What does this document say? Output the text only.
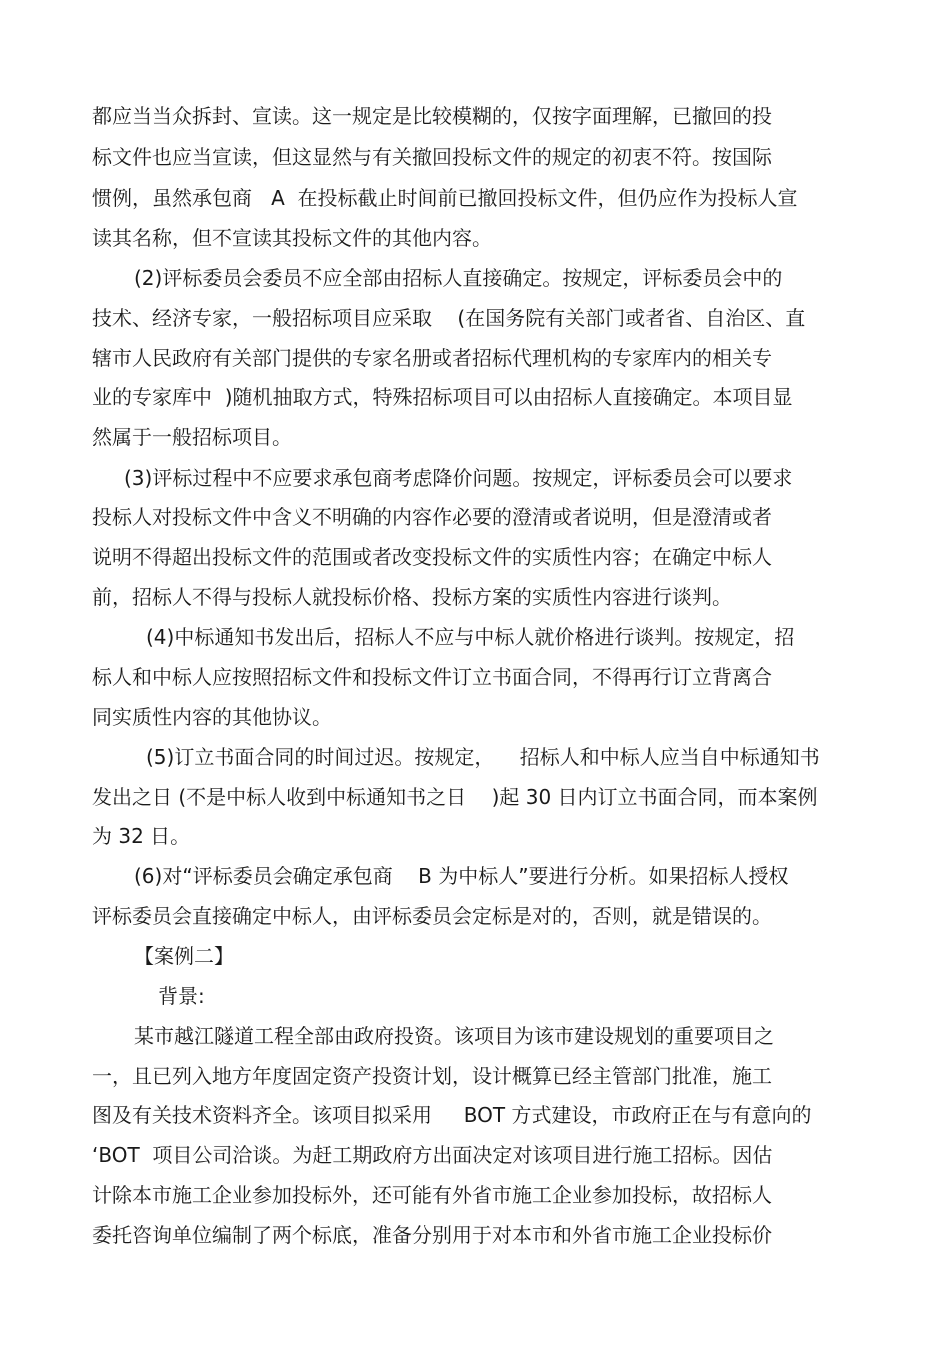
都应当当众拆封、宣读。这一规定是比较模糊的，仅按字面理解，已撤回的投
标文件也应当宣读，但这显然与有关撤回投标文件的规定的初衷不符。按国际
惯例，虽然承包商   A  在投标截止时间前已撤回投标文件，但仍应作为投标人宣
读其名称，但不宣读其投标文件的其他内容。
(2)评标委员会委员不应全部由招标人直接确定。按规定，评标委员会中的
技术、经济专家，一般招标项目应采取    (在国务院有关部门或者省、自治区、直
辖市人民政府有关部门提供的专家名册或者招标代理机构的专家库内的相关专
业的专家库中  )随机抽取方式，特殊招标项目可以由招标人直接确定。本项目显
然属于一般招标项目。
(3)评标过程中不应要求承包商考虑降价问题。按规定，评标委员会可以要求
投标人对投标文件中含义不明确的内容作必要的澄清或者说明，但是澄清或者
说明不得超出投标文件的范围或者改变投标文件的实质性内容；在确定中标人
前，招标人不得与投标人就投标价格、投标方案的实质性内容进行谈判。
(4)中标通知书发出后，招标人不应与中标人就价格进行谈判。按规定，招
标人和中标人应按照招标文件和投标文件订立书面合同，不得再行订立背离合
同实质性内容的其他协议。
(5)订立书面合同的时间过迟。按规定，    招标人和中标人应当自中标通知书
发出之日 (不是中标人收到中标通知书之日    )起 30 日内订立书面合同，而本案例
为 32 日。
(6)对“评标委员会确定承包商    B 为中标人”要进行分析。如果招标人授权
评标委员会直接确定中标人，由评标委员会定标是对的，否则，就是错误的。
【案例二】
背景:
某市越江隧道工程全部由政府投资。该项目为该市建设规划的重要项目之
一，且已列入地方年度固定资产投资计划，设计概算已经主管部门批准，施工
图及有关技术资料齐全。该项目拟采用     BOT 方式建设，市政府正在与有意向的
‘BOT  项目公司洽谈。为赶工期政府方出面决定对该项目进行施工招标。因估
计除本市施工企业参加投标外，还可能有外省市施工企业参加投标，故招标人
委托咨询单位编制了两个标底，准备分别用于对本市和外省市施工企业投标价
